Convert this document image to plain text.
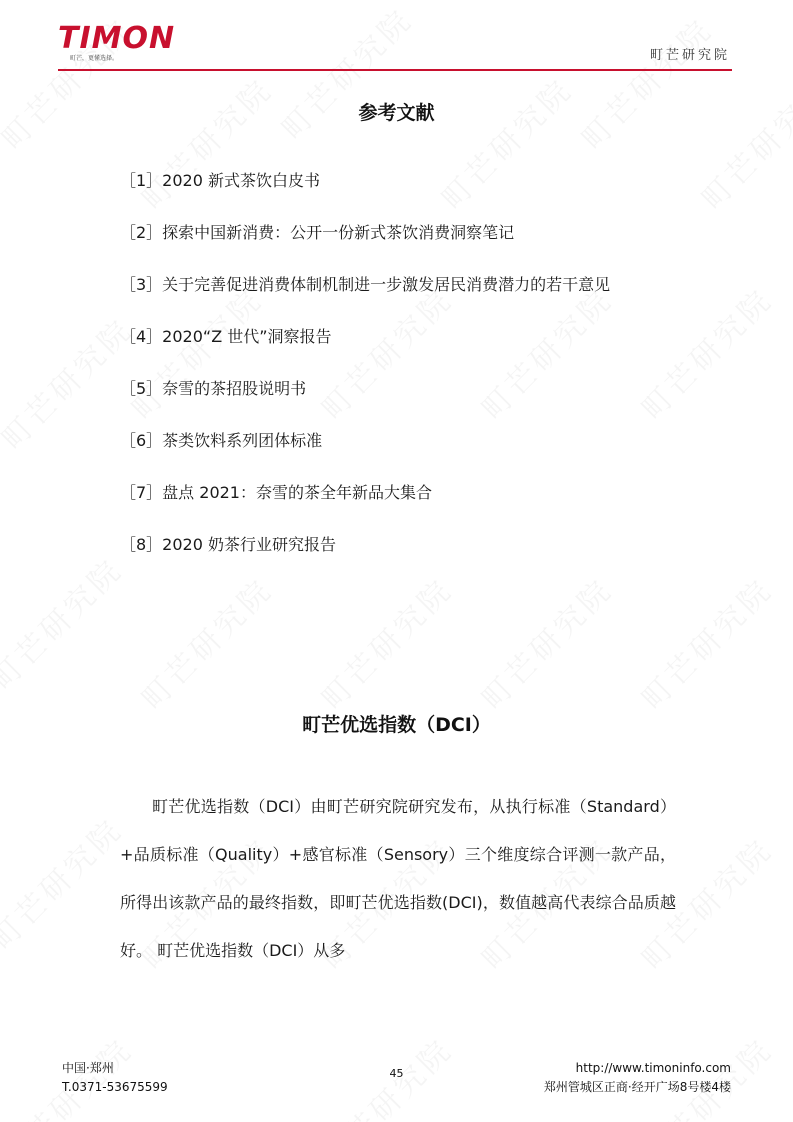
TIMON
町芒，更懂选择。	町芒研究院
参考文献
［1］2020 新式茶饮白皮书
［2］探索中国新消费：公开一份新式茶饮消费洞察笔记
［3］关于完善促进消费体制机制进一步激发居民消费潜力的若干意见
［4］2020“Z 世代”洞察报告
［5］奈雪的茶招股说明书
［6］茶类饮料系列团体标准
［7］盘点 2021：奈雪的茶全年新品大集合
［8］2020 奶茶行业研究报告
町芒优选指数（DCI）
町芒优选指数（DCI）由町芒研究院研究发布，从执行标准（Standard）+品质标准（Quality）+感官标准（Sensory）三个维度综合评测一款产品，所得出该款产品的最终指数，即町芒优选指数(DCI)，数值越高代表综合品质越好。 町芒优选指数（DCI）从多
中国·郑州
T.0371-53675599
45	http://www.timoninfo.com
郑州管城区正商·经开广场8号楼4楼
